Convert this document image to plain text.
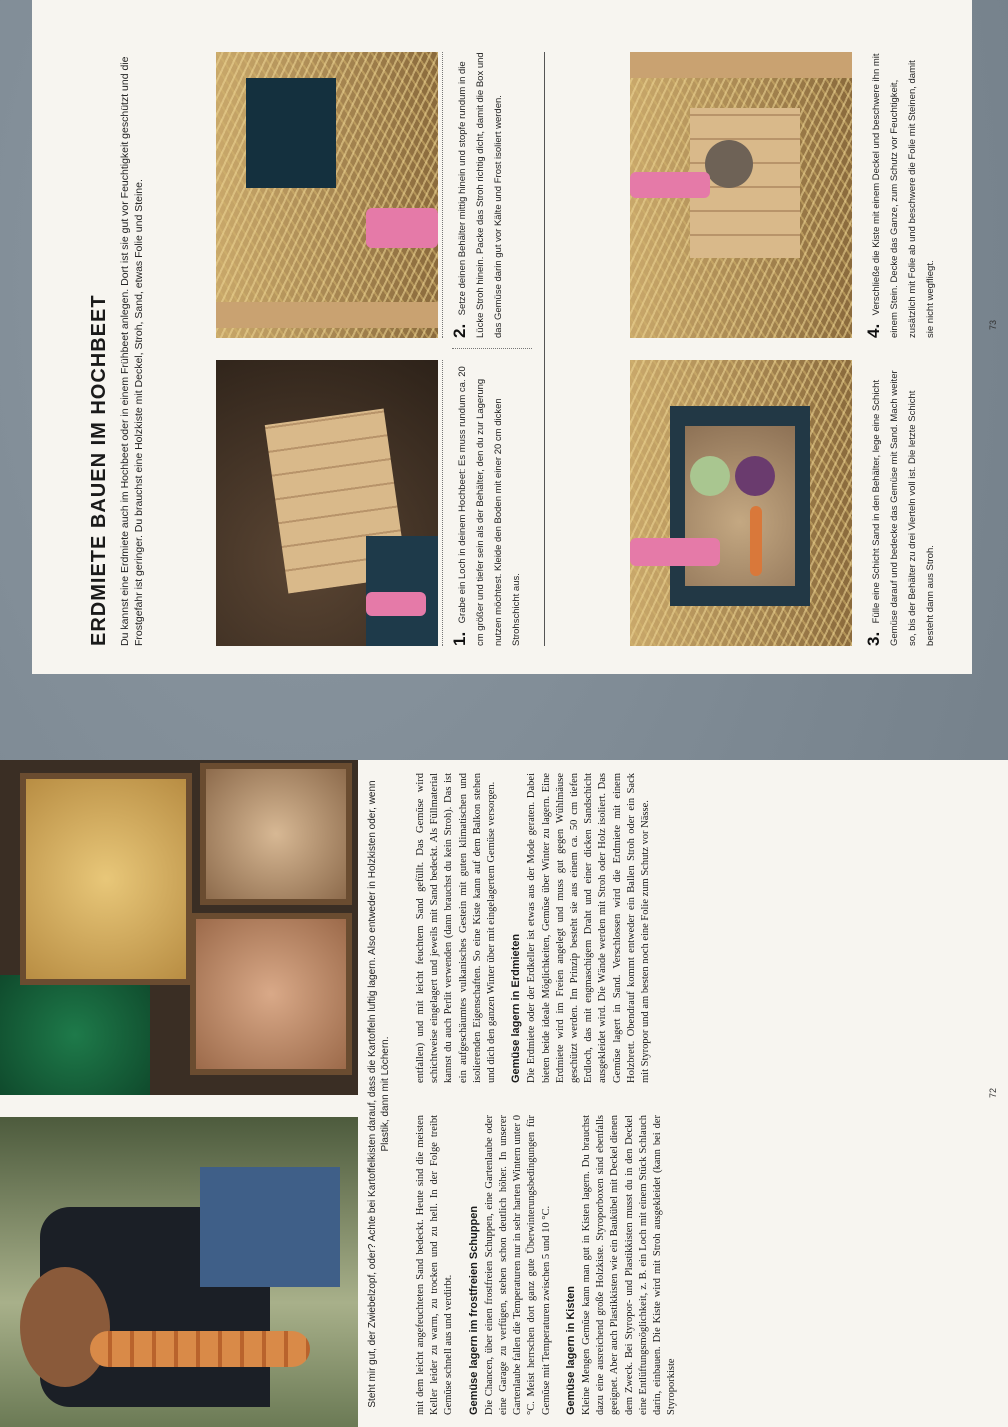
ERDMIETE BAUEN IM HOCHBEET Du kannst eine Erdmiete auch im Hochbeet oder in einem Frühbeet anlegen. Dort ist sie gut vor Feuchtigkeit geschützt und die Frostgefahr ist geringer. Du brauchst eine Holzkiste mit Deckel, Stroh, Sand, etwas Folie und Steine.	1. Grabe ein Loch in deinem Hochbeet: Es muss rundum ca. 20 cm größer und tiefer sein als der Behälter, den du zur Lagerung nutzen möchtest. Kleide den Boden mit einer 20 cm dicken Strohschicht aus.
2. Setze deinen Behälter mittig hinein und stopfe rundum in die Lücke Stroh hinein. Packe das Stroh richtig dicht, damit die Box und das Gemüse darin gut vor Kälte und Frost isoliert werden.
3. Fülle eine Schicht Sand in den Behälter, lege eine Schicht Gemüse darauf und bedecke das Gemüse mit Sand. Mach weiter so, bis der Behälter zu drei Vierteln voll ist. Die letzte Schicht besteht dann aus Stroh.
4. Verschließe die Kiste mit einem Deckel und beschwere ihn mit einem Stein. Decke das Ganze, zum Schutz vor Feuchtigkeit, zusätzlich mit Folie ab und beschwere die Folie mit Steinen, damit sie nicht wegfliegt.	73

Steht mir gut, der Zwiebelzopf, oder? Achte bei Kartoffelkisten darauf, dass die Kartoffeln luftig lagern. Also entweder in Holzkisten oder, wenn Plastik, dann mit Löchern.

mit dem leicht angefeuchteten Sand bedeckt. Heute sind die meisten Keller leider zu warm, zu trocken und zu hell. In der Folge treibt Gemüse schnell aus und verdirbt. Gemüse lagern im frostfreien Schuppen Die Chancen, über einen frostfreien Schuppen, eine Gartenlaube oder eine Garage zu verfügen, stehen schon deutlich höher. In unserer Gartenlaube fallen die Temperaturen nur in sehr harten Wintern unter 0 °C. Meist herrschen dort ganz gute Überwinterungsbedingungen für Gemüse mit Temperaturen zwischen 5 und 10 °C. Gemüse lagern in Kisten Kleine Mengen Gemüse kann man gut in Kisten lagern. Du brauchst dazu eine ausreichend große Holzkiste. Styroporboxen sind ebenfalls geeignet. Aber auch Plastikkisten wie ein Baukübel mit Deckel dienen dem Zweck. Bei Styropor- und Plastikkisten musst du in den Deckel eine Entlüftungsmöglichkeit, z. B. ein Loch mit einem Stück Schlauch darin, einbauen. Die Kiste wird mit Stroh ausgekleidet (kann bei der Styroporkiste

entfallen) und mit leicht feuchtem Sand gefüllt. Das Gemüse wird schichtweise eingelagert und jeweils mit Sand bedeckt. Als Füllmaterial kannst du auch Perlit verwenden (dann brauchst du kein Stroh). Das ist ein aufgeschäumtes vulkanisches Gestein mit guten klimatischen und isolierenden Eigenschaften. So eine Kiste kann auf dem Balkon stehen und dich den ganzen Winter über mit eingelagertem Gemüse versorgen. Gemüse lagern in Erdmieten Die Erdmiete oder der Erdkeller ist etwas aus der Mode geraten. Dabei bieten beide ideale Möglichkeiten, Gemüse über Winter zu lagern. Eine Erdmiete wird im Freien angelegt und muss gut gegen Wühlmäuse geschützt werden. Im Prinzip besteht sie aus einem ca. 50 cm tiefen Erdloch, das mit engmaschigem Draht und einer dicken Sandschicht ausgekleidet wird. Die Wände werden mit Stroh oder Holz isoliert. Das Gemüse lagert in Sand. Verschlossen wird die Erdmiete mit einem Holzbrett. Obendrauf kommt entweder ein Ballen Stroh oder ein Sack mit Styropor und am besten noch eine Folie zum Schutz vor Nässe.

72
